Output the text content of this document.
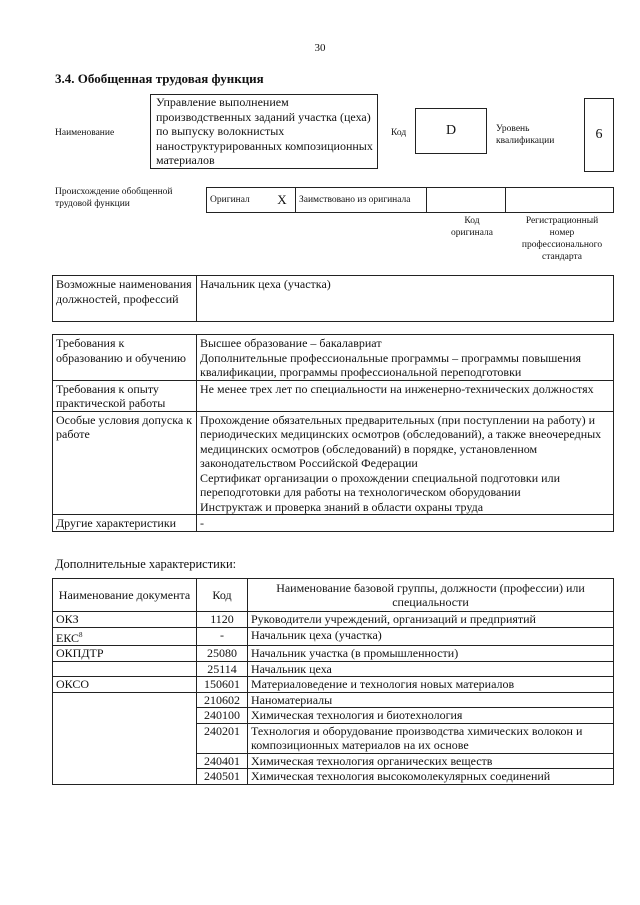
30
3.4. Обобщенная трудовая функция
Наименование
Управление выполнением производственных заданий участка (цеха) по выпуску волокнистых наноструктурированных композиционных материалов
Код	D	Уровень
квалификации	6
Происхождение обобщенной
трудовой функции	Оригинал	X	Заимствовано из оригинала		
Код
оригинала
Регистрационный
номер
профессионального
стандарта
Возможные наименования должностей, профессий	Начальник цеха (участка)
Требования к образованию и обучению	Высшее образование – бакалавриат
Дополнительные профессиональные программы – программы повышения квалификации, программы профессиональной переподготовки

Требования к опыту практической работы	Не менее трех лет по специальности на инженерно-технических должностях

Особые условия допуска к работе	Прохождение обязательных предварительных (при поступлении на работу) и периодических медицинских осмотров (обследований), а также внеочередных медицинских осмотров (обследований) в порядке, установленном законодательством Российской Федерации
Сертификат организации о прохождении специальной подготовки или переподготовки для работы на технологическом оборудовании
Инструктаж и проверка знаний в области охраны труда

Другие характеристики	-
Дополнительные характеристики:
Наименование документа	Код	Наименование базовой группы, должности (профессии) или специальности
ОКЗ	1120	Руководители учреждений, организаций и предприятий
ЕКС$^8$	-	Начальник цеха (участка)
ОКПДТР	25080	Начальник участка (в промышленности)
	25114	Начальник цеха
ОКСО	150601	Материаловедение и технология новых материалов
	210602	Наноматериалы
	240100	Химическая технология и биотехнология
	240201	Технология и оборудование производства химических волокон и композиционных материалов на их основе
	240401	Химическая технология органических веществ
	240501	Химическая технология высокомолекулярных соединений
